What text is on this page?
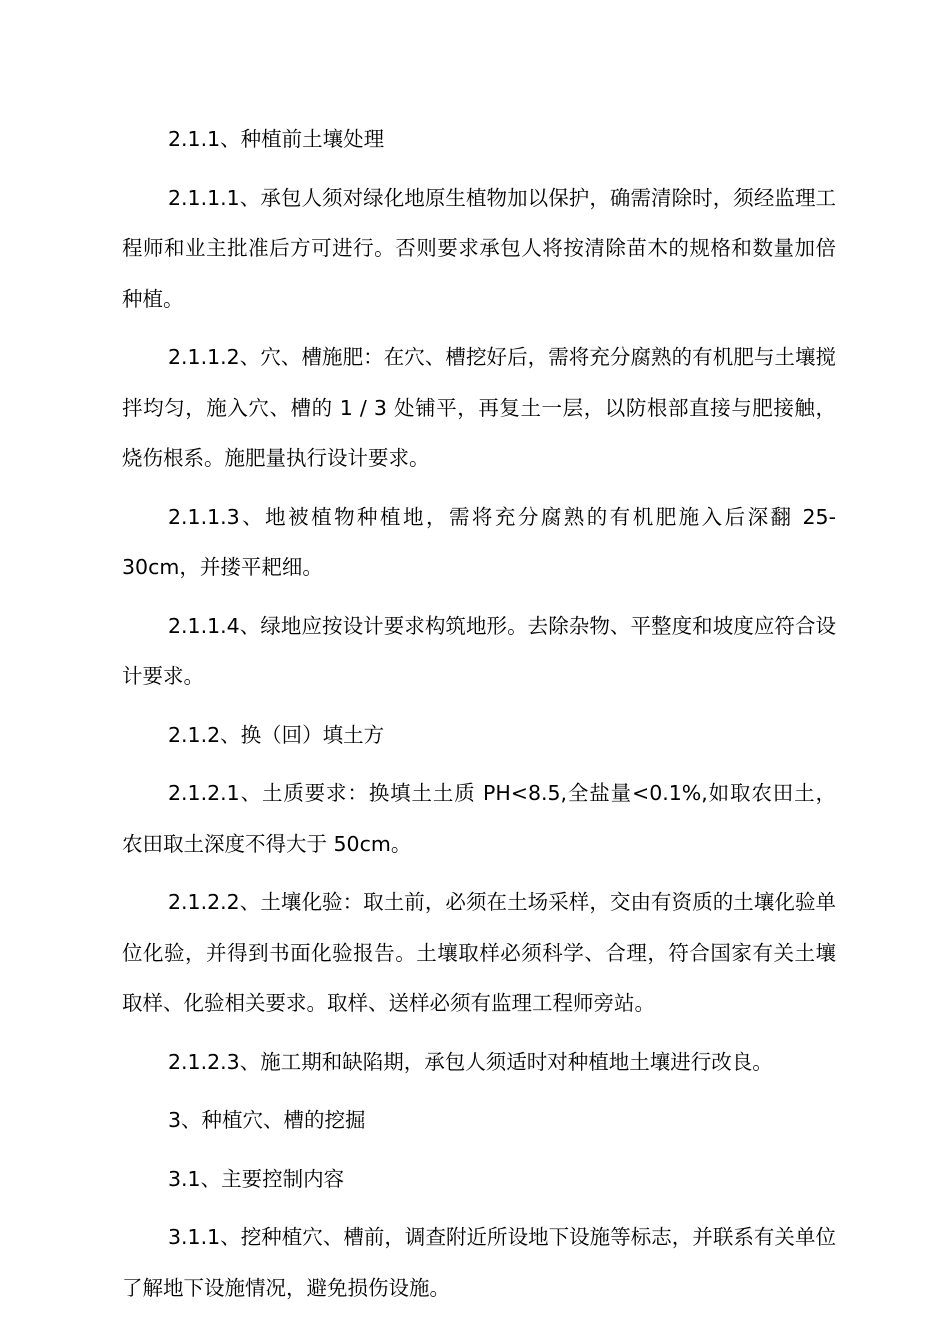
2.1.1、种植前土壤处理

2.1.1.1、承包人须对绿化地原生植物加以保护，确需清除时，须经监理工程师和业主批准后方可进行。否则要求承包人将按清除苗木的规格和数量加倍种植。

2.1.1.2、穴、槽施肥：在穴、槽挖好后，需将充分腐熟的有机肥与土壤搅拌均匀，施入穴、槽的 1 / 3 处铺平，再复土一层，以防根部直接与肥接触，烧伤根系。施肥量执行设计要求。

2.1.1.3、地被植物种植地，需将充分腐熟的有机肥施入后深翻 25-30cm，并搂平耙细。

2.1.1.4、绿地应按设计要求构筑地形。去除杂物、平整度和坡度应符合设计要求。

2.1.2、换（回）填土方

2.1.2.1、土质要求：换填土土质 PH<8.5,全盐量<0.1%,如取农田土，农田取土深度不得大于 50cm。

2.1.2.2、土壤化验：取土前，必须在土场采样，交由有资质的土壤化验单位化验，并得到书面化验报告。土壤取样必须科学、合理，符合国家有关土壤取样、化验相关要求。取样、送样必须有监理工程师旁站。

2.1.2.3、施工期和缺陷期，承包人须适时对种植地土壤进行改良。

3、种植穴、槽的挖掘

3.1、主要控制内容

3.1.1、挖种植穴、槽前，调查附近所设地下设施等标志，并联系有关单位了解地下设施情况，避免损伤设施。
